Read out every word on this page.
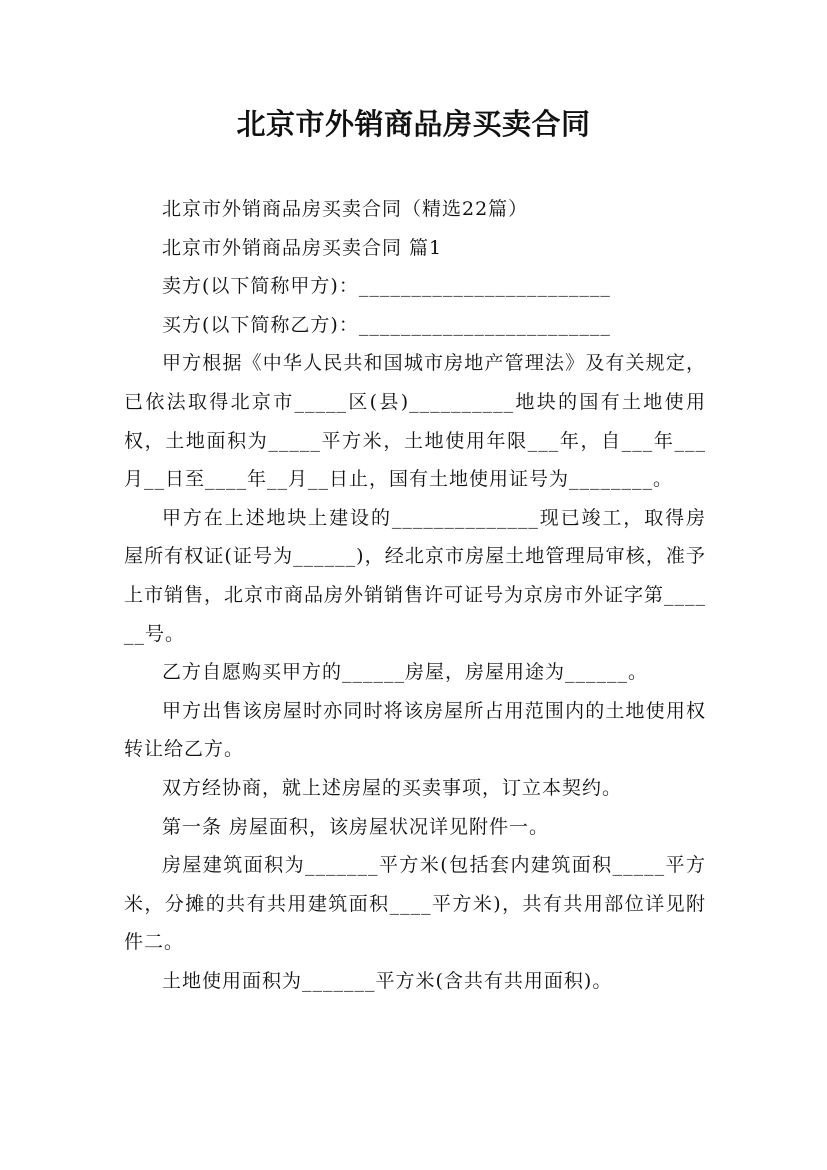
北京市外销商品房买卖合同

北京市外销商品房买卖合同（精选22篇）

北京市外销商品房买卖合同 篇1

卖方(以下简称甲方)：________________________

买方(以下简称乙方)：________________________

甲方根据《中华人民共和国城市房地产管理法》及有关规定，已依法取得北京市_____区(县)__________地块的国有土地使用权，土地面积为_____平方米，土地使用年限___年，自___年___月__日至____年__月__日止，国有土地使用证号为________。

甲方在上述地块上建设的______________现已竣工，取得房屋所有权证(证号为______)，经北京市房屋土地管理局审核，准予上市销售，北京市商品房外销销售许可证号为京房市外证字第______号。

乙方自愿购买甲方的______房屋，房屋用途为______。

甲方出售该房屋时亦同时将该房屋所占用范围内的土地使用权转让给乙方。

双方经协商，就上述房屋的买卖事项，订立本契约。

第一条 房屋面积，该房屋状况详见附件一。

房屋建筑面积为_______平方米(包括套内建筑面积_____平方米，分摊的共有共用建筑面积____平方米)，共有共用部位详见附件二。

土地使用面积为_______平方米(含共有共用面积)。
